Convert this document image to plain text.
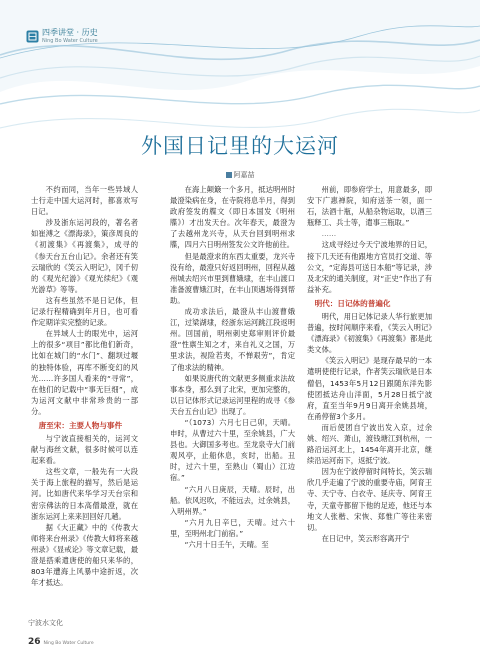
四季讲堂 · 历史
Ning Bo Water Culture
外国日记里的大运河
阿嘉喆

不约而同，当年一些异域人士行走中国大运河时，都喜欢写日记。

涉及浙东运河段的，著名者如崔溥之《漂海录》，策彦周良的《初渡集》《再渡集》，成寻的《参天台五台山记》。余者还有笑云瑞欣的《笑云入明记》，冈千仞的《观光纪游》《观光续纪》《观光游草》等等。

这有些虽然不是日记体，但记录行程精确到年月日，也可看作定期详实完整的记录。

在异域人士的眼光中，运河上的很多“项目”都比他们新奇，比如在城门的“水门”、翻坝过堰的独特体验，再库不断变幻的风光……许多国人看来的“寻常”，在他们的记载中“事无巨细”，成为运河文献中非常珍贵的一部分。

唐至宋：主要人物与事件

与宁波直接相关的，运河文献与海丝文献，很多时候可以连起来看。

这些文章，一般先有一大段关于海上旅程的描写，然后是运河。比如唐代来华学习天台宗和密宗佛法的日本高僧最澄，就在浙东运河上来来回回好几趟。

据《大正藏》中的《传教大师将来台州录》《传教大师将来越州录》《显戒论》等文章记载，最澄是搭乘遣唐使的船只来华的，803年遭海上风暴中途折返，次年才抵达。

在海上颠簸一个多月，抵达明州时最澄染病在身，在寺院将息半月，得到政府签发的牒文（即日本国发《明州牒》）才出发天台。次年春天，最澄为了去越州龙兴寺，从天台回到明州求牒，四月六日明州签发公文许他前往。

但是最澄求的东西太重要，龙兴寺没有给，最澄只好返回明州，回程从越州城去绍兴市里到曹娥埭，在丰山渡口准备渡曹娥江时，在丰山顶遇场得到帮助。

成功求法后，最澄从丰山渡曹娥江，过梁湖埭，经浙东运河跳江段返明州。回国前，明州刺史郑审则评价最澄“性禀生知之才，来自礼义之国，万里求法，视险若夷，不惮艰劳”，肯定了他求法的精神。

如果说唐代的文献更多侧重求法故事本身，那么到了北宋，更加完整的，以日记体形式记录运河里程的成寻《参天台五台山记》出现了。

“（1073）六月七日己卯，天晴。申时，从曹过六十里，至余姚县，广大县也。大御国多考也。至龙泉寺大门前观风亭，止船休息，亥时，出船。丑时，过六十里，至熟山（蜀山）江边宿。”

“六月八日庚辰，天晴。辰时，出船。依风迟吹，不能远去，过余姚县，入明州界。”

“六月九日辛巳，天晴。过六十里，至明州北门前宿。”

“六月十日壬午，天晴。至

州前，即参府学士，用意最多，即安下广惠禅院，知府送茶一领，面一石，法酒十瓶，从船杂物运取，以酒三瓶释工、兵士等，遣事三瓶取。”

……

这成寻经过今天宁波地界的日记，接下几天还有他跟地方官员打交道、等公文，“定海县可送日本船”等记录，涉及北宋的通关制度，对“正史”作出了有益补充。

明代：日记体的普遍化

明代，用日记体记录人华行旅更加普遍，按时间顺序来看，《笑云入明记》《漂海录》《初渡集》《再渡集》都是此类文体。

《笑云入明记》是现存最早的一本遣明使使行记录，作者笑云瑞欣是日本僧侣，1453年5月12日跟随东洋先影使团抵达舟山洋面，5月28日抵宁波府，直至当年9月9日离开余姚县境，在甬停留3个多月。

而后使团自宁波出发入京，过余姚、绍兴、萧山，渡钱塘江到杭州，一路沿运河北上，1454年离开北京，继续沿运河南下，返抵宁波。

因为在宁波停留时间特长，笑云瑞欣几乎走遍了宁波的重要寺庙，阿育王寺、天宁寺、白衣寺、延庆寺、阿育王寺，天童寺都留下他的足迹，他还与本地文人张楷、宋恢、郑惟广等往来密切。

在日记中，笑云形容离开宁

宁波水文化
26 Ning Bo Water Culture
